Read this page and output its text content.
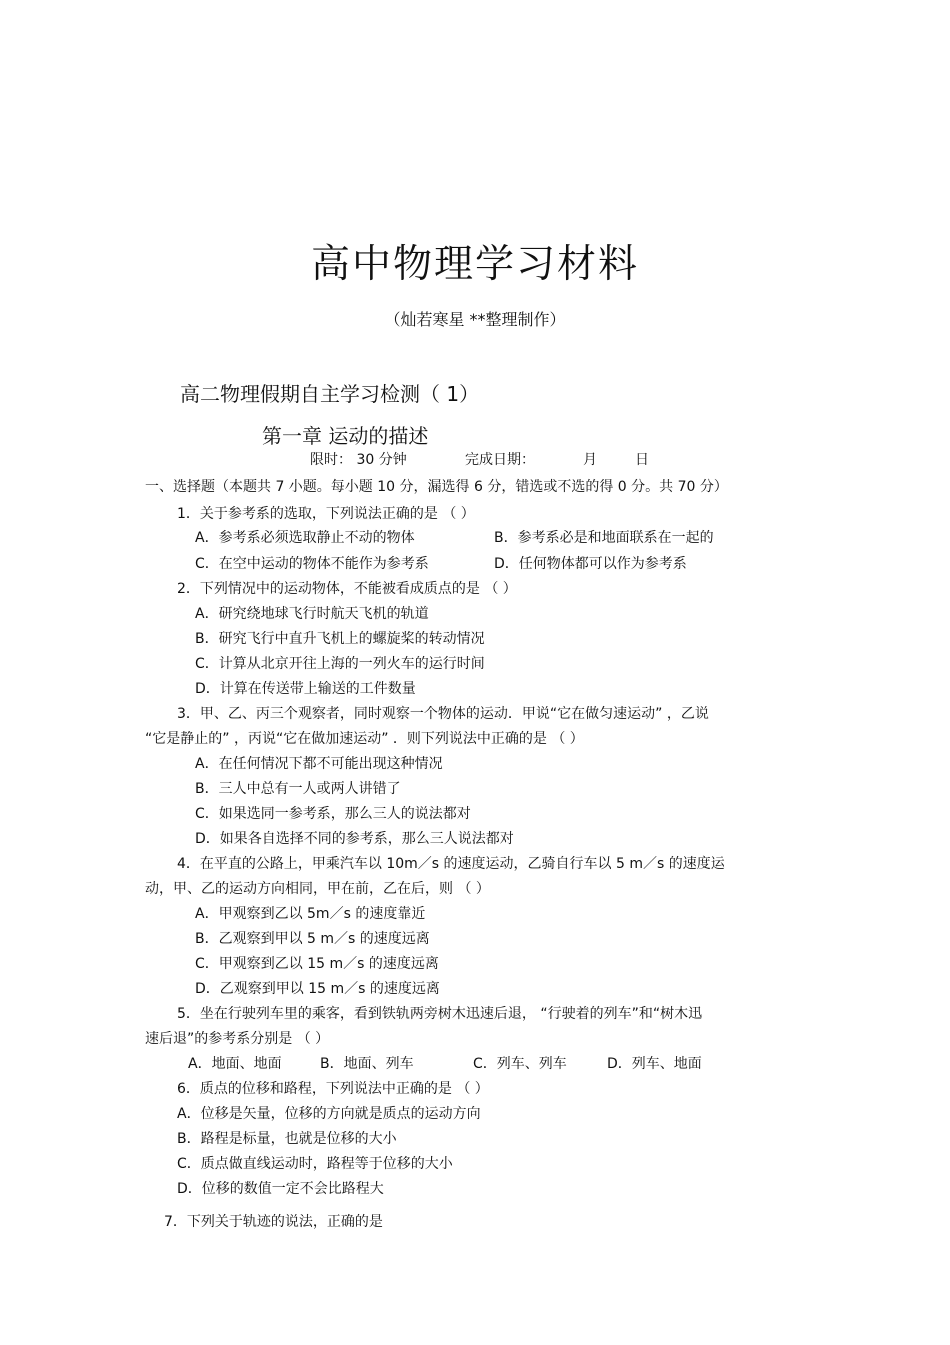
高中物理学习材料
（灿若寒星 **整理制作）
高二物理假期自主学习检测（ 1）
第一章 运动的描述
限时： 30 分钟	完成日期：	月	日
一、选择题（本题共 7 小题。每小题 10 分，漏选得 6 分，错选或不选的得 0 分。共 70 分）
1．关于参考系的选取，下列说法正确的是 （ ）
A．参考系必须选取静止不动的物体	B．参考系必是和地面联系在一起的
C．在空中运动的物体不能作为参考系	D．任何物体都可以作为参考系
2．下列情况中的运动物体，不能被看成质点的是 （ ）
A．研究绕地球飞行时航天飞机的轨道
B．研究飞行中直升飞机上的螺旋桨的转动情况
C．计算从北京开往上海的一列火车的运行时间
D．计算在传送带上输送的工件数量
3．甲、乙、丙三个观察者，同时观察一个物体的运动．甲说“它在做匀速运动” ，乙说
“它是静止的” ，丙说“它在做加速运动” ．则下列说法中正确的是 （ ）
A．在任何情况下都不可能出现这种情况
B．三人中总有一人或两人讲错了
C．如果选同一参考系，那么三人的说法都对
D．如果各自选择不同的参考系，那么三人说法都对
4．在平直的公路上，甲乘汽车以 10m／s 的速度运动，乙骑自行车以 5 m／s 的速度运
动，甲、乙的运动方向相同，甲在前，乙在后，则 （ ）
A．甲观察到乙以 5m／s 的速度靠近
B．乙观察到甲以 5 m／s 的速度远离
C．甲观察到乙以 15 m／s 的速度远离
D．乙观察到甲以 15 m／s 的速度远离
5．坐在行驶列车里的乘客，看到铁轨两旁树木迅速后退， “行驶着的列车”和“树木迅
速后退”的参考系分别是 （ ）
A．地面、地面	B．地面、列车	C．列车、列车	D．列车、地面
6．质点的位移和路程，下列说法中正确的是 （ ）
A．位移是矢量，位移的方向就是质点的运动方向
B．路程是标量，也就是位移的大小
C．质点做直线运动时，路程等于位移的大小
D．位移的数值一定不会比路程大
7．下列关于轨迹的说法，正确的是
